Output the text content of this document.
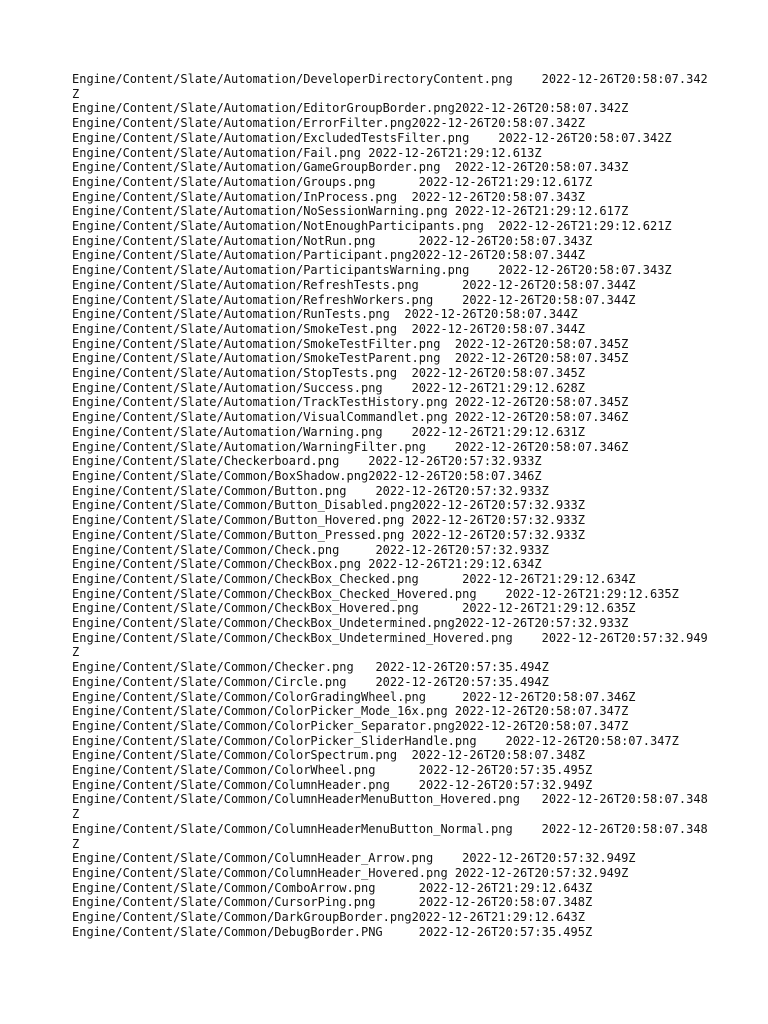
Engine/Content/Slate/Automation/DeveloperDirectoryContent.png 2022-12-26T20:58:07.342Z
Engine/Content/Slate/Automation/EditorGroupBorder.png2022-12-26T20:58:07.342Z
Engine/Content/Slate/Automation/ErrorFilter.png2022-12-26T20:58:07.342Z
Engine/Content/Slate/Automation/ExcludedTestsFilter.png 2022-12-26T20:58:07.342Z
Engine/Content/Slate/Automation/Fail.png 2022-12-26T21:29:12.613Z
Engine/Content/Slate/Automation/GameGroupBorder.png 2022-12-26T20:58:07.343Z
Engine/Content/Slate/Automation/Groups.png	2022-12-26T21:29:12.617Z
Engine/Content/Slate/Automation/InProcess.png 2022-12-26T20:58:07.343Z
Engine/Content/Slate/Automation/NoSessionWarning.png 2022-12-26T21:29:12.617Z
Engine/Content/Slate/Automation/NotEnoughParticipants.png 2022-12-26T21:29:12.621Z
Engine/Content/Slate/Automation/NotRun.png	2022-12-26T20:58:07.343Z
Engine/Content/Slate/Automation/Participant.png2022-12-26T20:58:07.344Z
Engine/Content/Slate/Automation/ParticipantsWarning.png 2022-12-26T20:58:07.343Z
Engine/Content/Slate/Automation/RefreshTests.png	2022-12-26T20:58:07.344Z
Engine/Content/Slate/Automation/RefreshWorkers.png 2022-12-26T20:58:07.344Z
Engine/Content/Slate/Automation/RunTests.png 2022-12-26T20:58:07.344Z
Engine/Content/Slate/Automation/SmokeTest.png 2022-12-26T20:58:07.344Z
Engine/Content/Slate/Automation/SmokeTestFilter.png 2022-12-26T20:58:07.345Z
Engine/Content/Slate/Automation/SmokeTestParent.png 2022-12-26T20:58:07.345Z
Engine/Content/Slate/Automation/StopTests.png 2022-12-26T20:58:07.345Z
Engine/Content/Slate/Automation/Success.png 2022-12-26T21:29:12.628Z
Engine/Content/Slate/Automation/TrackTestHistory.png 2022-12-26T20:58:07.345Z
Engine/Content/Slate/Automation/VisualCommandlet.png 2022-12-26T20:58:07.346Z
Engine/Content/Slate/Automation/Warning.png 2022-12-26T21:29:12.631Z
Engine/Content/Slate/Automation/WarningFilter.png 2022-12-26T20:58:07.346Z
Engine/Content/Slate/Checkerboard.png 2022-12-26T20:57:32.933Z
Engine/Content/Slate/Common/BoxShadow.png2022-12-26T20:58:07.346Z
Engine/Content/Slate/Common/Button.png 2022-12-26T20:57:32.933Z
Engine/Content/Slate/Common/Button_Disabled.png2022-12-26T20:57:32.933Z
Engine/Content/Slate/Common/Button_Hovered.png 2022-12-26T20:57:32.933Z
Engine/Content/Slate/Common/Button_Pressed.png 2022-12-26T20:57:32.933Z
Engine/Content/Slate/Common/Check.png	2022-12-26T20:57:32.933Z
Engine/Content/Slate/Common/CheckBox.png 2022-12-26T21:29:12.634Z
Engine/Content/Slate/Common/CheckBox_Checked.png	2022-12-26T21:29:12.634Z
Engine/Content/Slate/Common/CheckBox_Checked_Hovered.png 2022-12-26T21:29:12.635Z
Engine/Content/Slate/Common/CheckBox_Hovered.png	2022-12-26T21:29:12.635Z
Engine/Content/Slate/Common/CheckBox_Undetermined.png2022-12-26T20:57:32.933Z
Engine/Content/Slate/Common/CheckBox_Undetermined_Hovered.png 2022-12-26T20:57:32.949Z
Engine/Content/Slate/Common/Checker.png 2022-12-26T20:57:35.494Z
Engine/Content/Slate/Common/Circle.png 2022-12-26T20:57:35.494Z
Engine/Content/Slate/Common/ColorGradingWheel.png	2022-12-26T20:58:07.346Z
Engine/Content/Slate/Common/ColorPicker_Mode_16x.png 2022-12-26T20:58:07.347Z
Engine/Content/Slate/Common/ColorPicker_Separator.png2022-12-26T20:58:07.347Z
Engine/Content/Slate/Common/ColorPicker_SliderHandle.png 2022-12-26T20:58:07.347Z
Engine/Content/Slate/Common/ColorSpectrum.png 2022-12-26T20:58:07.348Z
Engine/Content/Slate/Common/ColorWheel.png	2022-12-26T20:57:35.495Z
Engine/Content/Slate/Common/ColumnHeader.png 2022-12-26T20:57:32.949Z
Engine/Content/Slate/Common/ColumnHeaderMenuButton_Hovered.png 2022-12-26T20:58:07.348Z
Engine/Content/Slate/Common/ColumnHeaderMenuButton_Normal.png 2022-12-26T20:58:07.348Z
Engine/Content/Slate/Common/ColumnHeader_Arrow.png 2022-12-26T20:57:32.949Z
Engine/Content/Slate/Common/ColumnHeader_Hovered.png 2022-12-26T20:57:32.949Z
Engine/Content/Slate/Common/ComboArrow.png	2022-12-26T21:29:12.643Z
Engine/Content/Slate/Common/CursorPing.png	2022-12-26T20:58:07.348Z
Engine/Content/Slate/Common/DarkGroupBorder.png2022-12-26T21:29:12.643Z
Engine/Content/Slate/Common/DebugBorder.PNG	2022-12-26T20:57:35.495Z
